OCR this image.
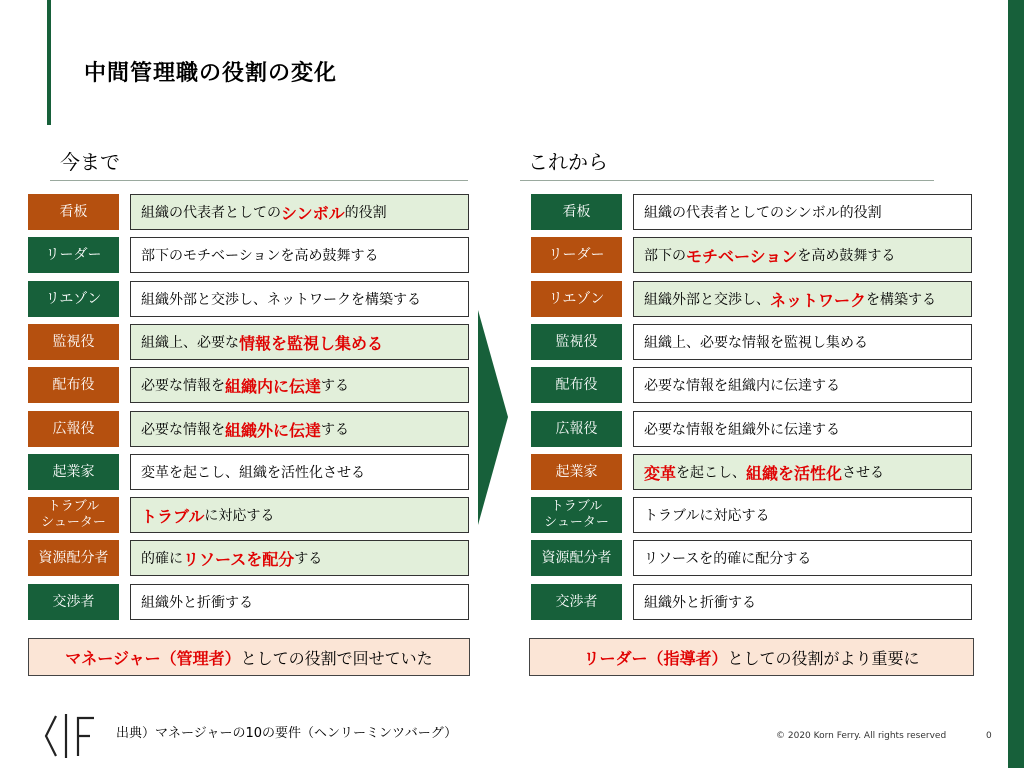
中間管理職の役割の変化
今まで	これから
看板	組織の代表者としての シンボル 的役割
リーダー	部下のモチベーションを高め鼓舞する
リエゾン	組織外部と交渉し、ネットワークを構築する
監視役	組織上、必要な 情報を監視し集める
配布役	必要な情報を 組織内に伝達 する
広報役	必要な情報を 組織外に伝達 する
起業家	変革を起こし、組織を活性化させる
トラブル
シューター	トラブル に対応する
資源配分者	的確に リソースを配分 する
交渉者	組織外と折衝する
看板	組織の代表者としてのシンボル的役割
リーダー	部下の モチベーション を高め鼓舞する
リエゾン	組織外部と交渉し、 ネットワーク を構築する
監視役	組織上、必要な情報を監視し集める
配布役	必要な情報を組織内に伝達する
広報役	必要な情報を組織外に伝達する
起業家	変革 を起こし、 組織を活性化 させる
トラブル
シューター	トラブルに対応する
資源配分者	リソースを的確に配分する
交渉者	組織外と折衝する
マネージャー（管理者） としての役割で回せていた	リーダー（指導者） としての役割がより重要に
出典）マネージャーの10の要件（ヘンリーミンツバーグ）	© 2020 Korn Ferry. All rights reserved	0
